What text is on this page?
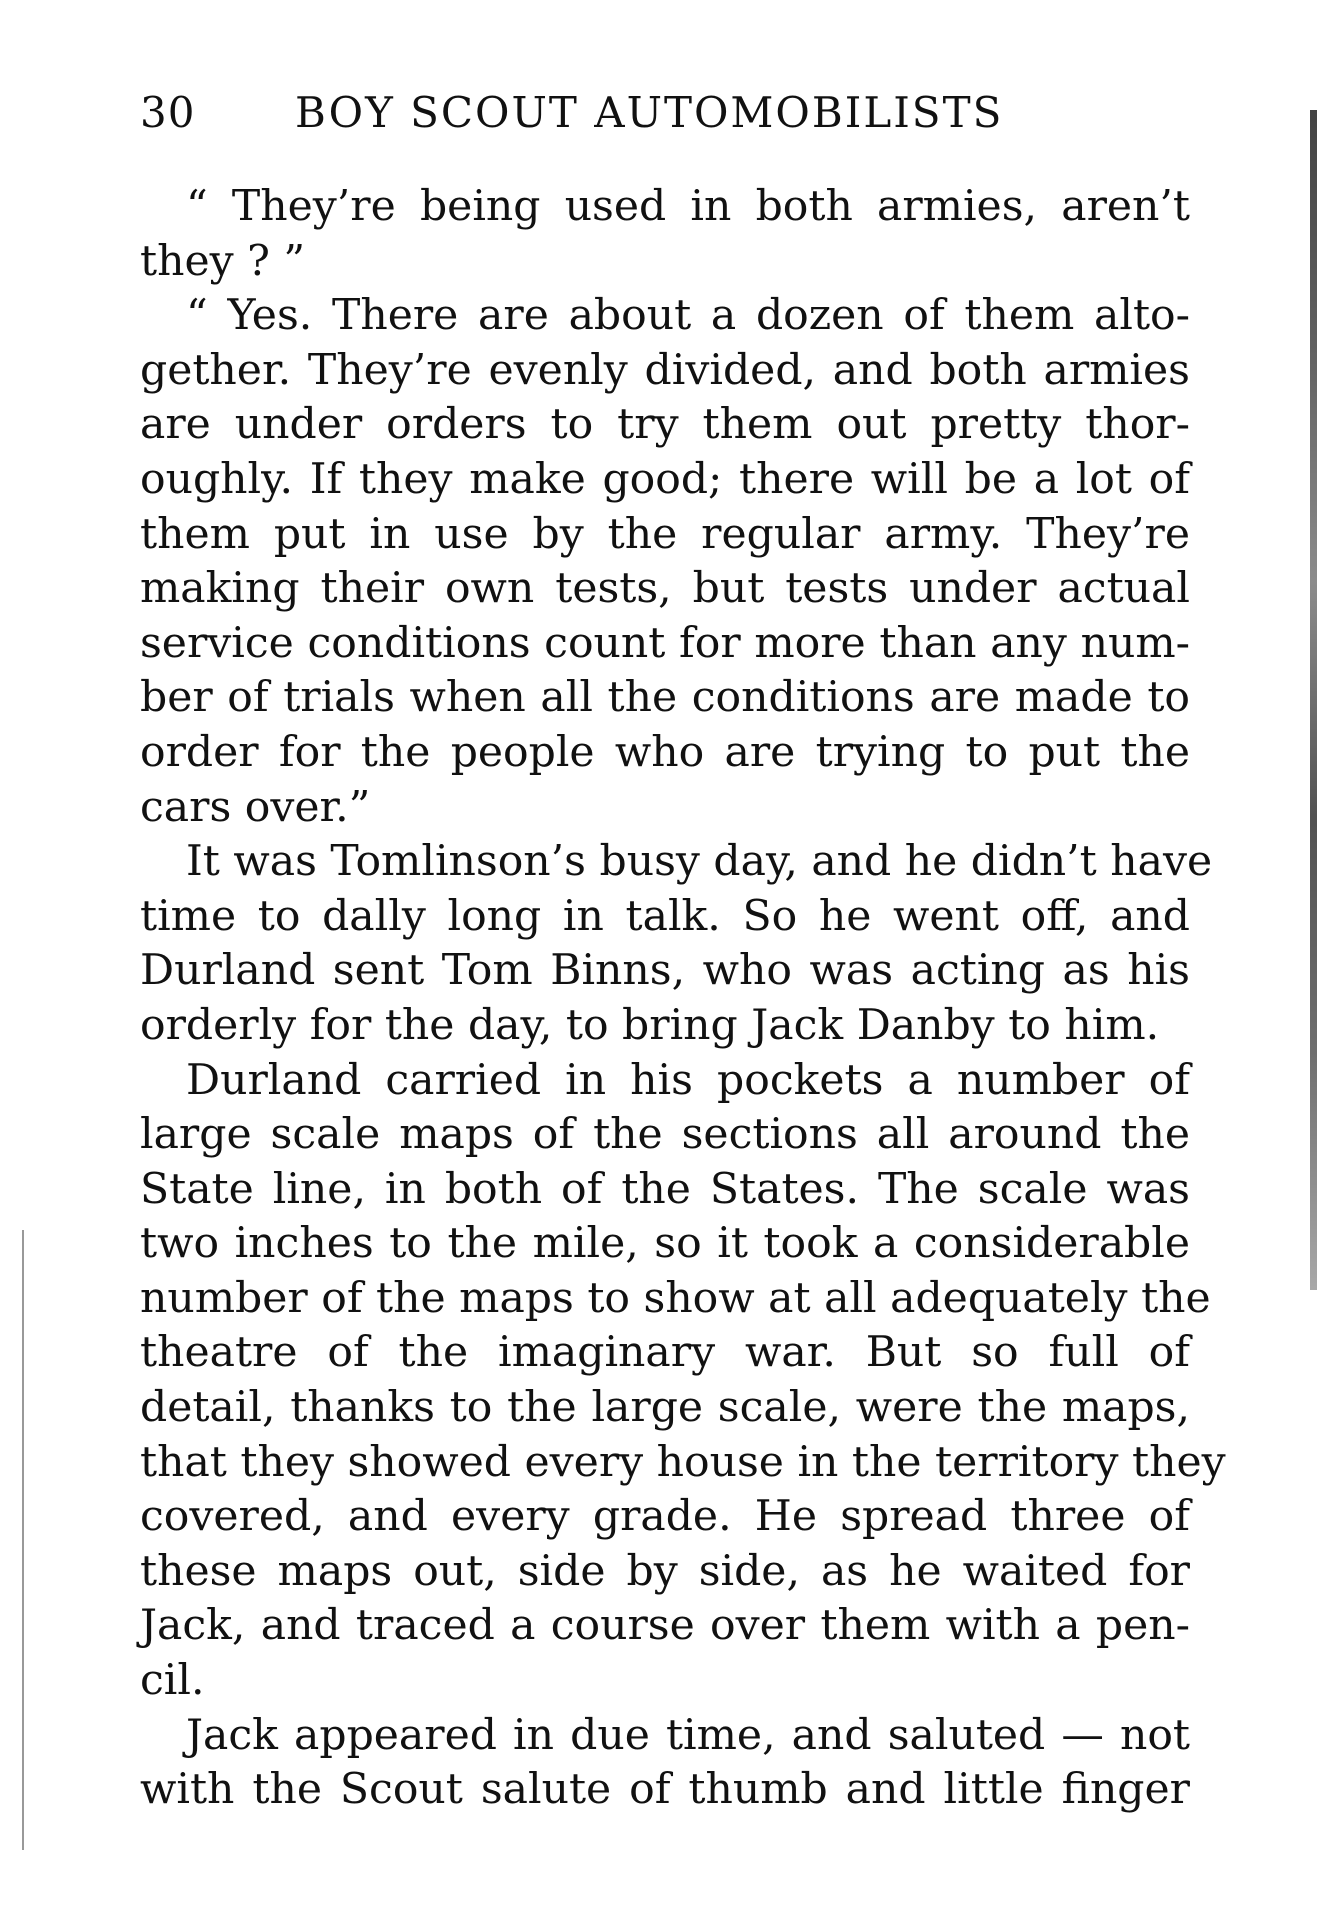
30 BOY SCOUT AUTOMOBILISTS
“ They’re being used in both armies, aren’t
they ? ”
“ Yes. There are about a dozen of them alto-
gether. They’re evenly divided, and both armies
are under orders to try them out pretty thor-
oughly. If they make good; there will be a lot of
them put in use by the regular army. They’re
making their own tests, but tests under actual
service conditions count for more than any num-
ber of trials when all the conditions are made to
order for the people who are trying to put the
cars over.”
It was Tomlinson’s busy day, and he didn’t have
time to dally long in talk. So he went off, and
Durland sent Tom Binns, who was acting as his
orderly for the day, to bring Jack Danby to him.
Durland carried in his pockets a number of
large scale maps of the sections all around the
State line, in both of the States. The scale was
two inches to the mile, so it took a considerable
number of the maps to show at all adequately the
theatre of the imaginary war. But so full of
detail, thanks to the large scale, were the maps,
that they showed every house in the territory they
covered, and every grade. He spread three of
these maps out, side by side, as he waited for
Jack, and traced a course over them with a pen-
cil.
Jack appeared in due time, and saluted — not
with the Scout salute of thumb and little finger
